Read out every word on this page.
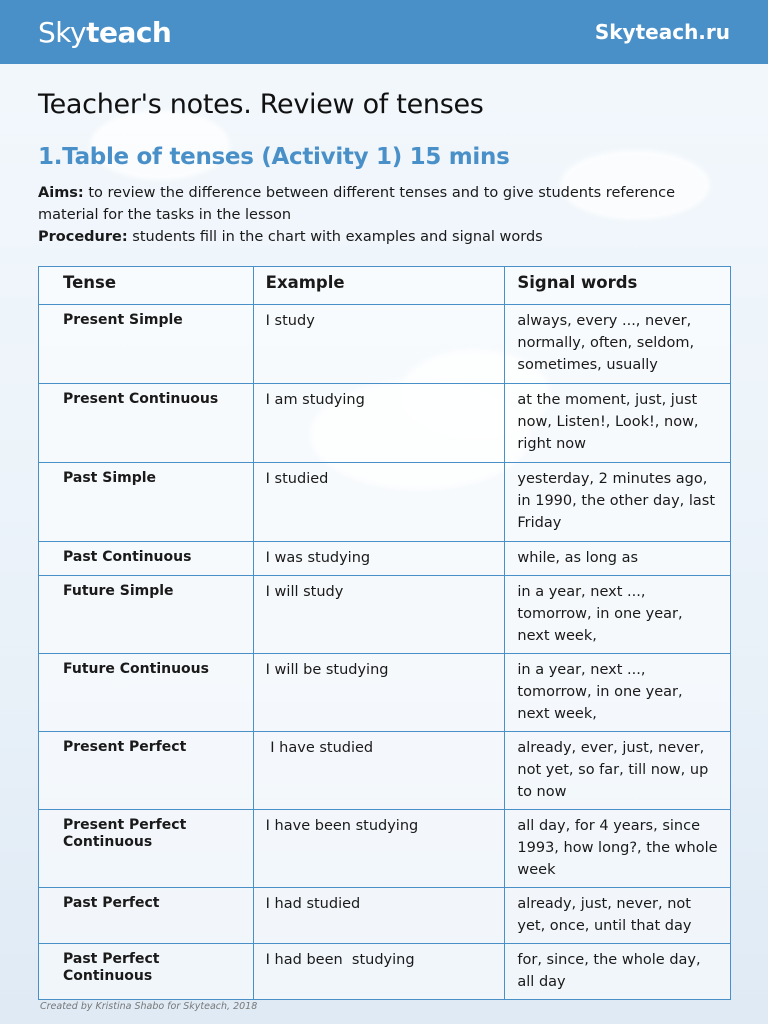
Skyteach	Skyteach.ru
Teacher's notes. Review of tenses
1.Table of tenses (Activity 1) 15 mins
Aims: to review the difference between different tenses and to give students reference material for the tasks in the lesson
Procedure: students fill in the chart with examples and signal words
Tense	Example	Signal words
Present Simple	I study	always, every ..., never, normally, often, seldom, sometimes, usually
Present Continuous	I am studying	at the moment, just, just now, Listen!, Look!, now, right now
Past Simple	I studied	yesterday, 2 minutes ago, in 1990, the other day, last Friday
Past Continuous	I was studying	while, as long as
Future Simple	I will study	in a year, next ..., tomorrow, in one year, next week,
Future Continuous	I will be studying	in a year, next ..., tomorrow, in one year, next week,
Present Perfect	I have studied	already, ever, just, never, not yet, so far, till now, up to now
Present Perfect Continuous	I have been studying	all day, for 4 years, since 1993, how long?, the whole week
Past Perfect	I had studied	already, just, never, not yet, once, until that day
Past Perfect Continuous	I had been  studying	for, since, the whole day, all day
Created by Kristina Shabo for Skyteach, 2018
